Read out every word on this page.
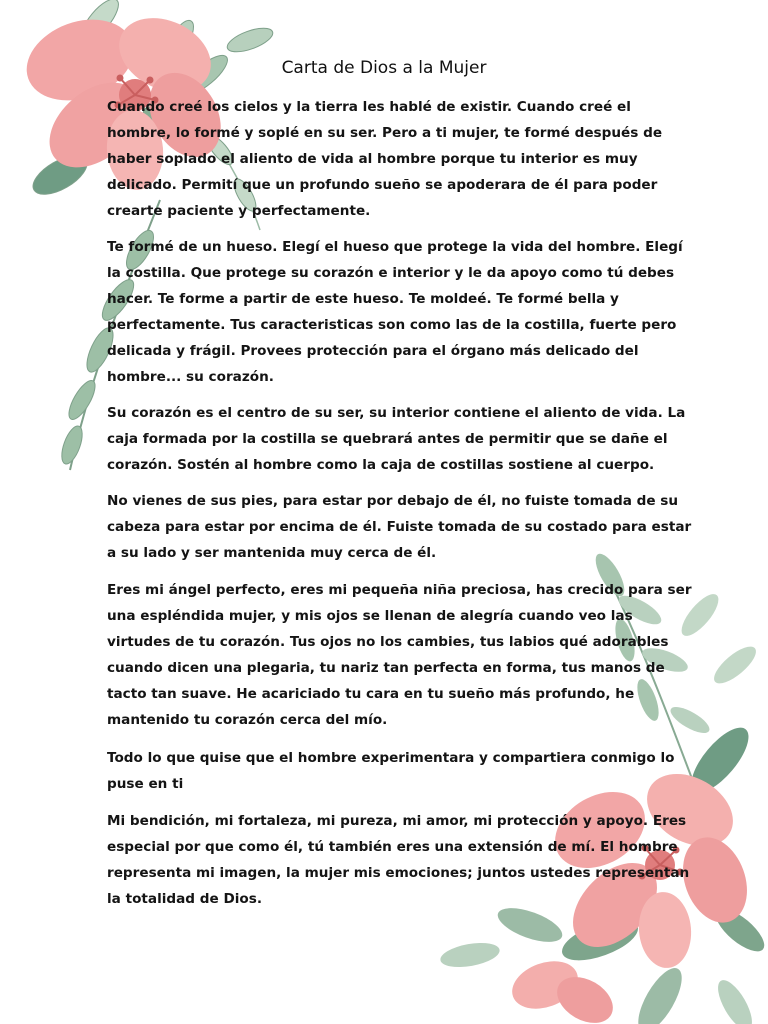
Carta de Dios a la Mujer

Cuando creé los cielos y la tierra les hablé de existir. Cuando creé el
hombre, lo formé y soplé en su ser. Pero a ti mujer, te formé después de
haber soplado el aliento de vida al hombre porque tu interior es muy
delicado. Permití que un profundo sueño se apoderara de él para poder
crearte paciente y perfectamente.

Te formé de un hueso. Elegí el hueso que protege la vida del hombre. Elegí
la costilla. Que protege su corazón e interior y le da apoyo como tú debes
hacer. Te forme a partir de este hueso. Te moldeé. Te formé bella y
perfectamente. Tus caracteristicas son como las de la costilla, fuerte pero
delicada y frágil. Provees protección para el órgano más delicado del
hombre... su corazón.

Su corazón es el centro de su ser, su interior contiene el aliento de vida. La
caja formada por la costilla se quebrará antes de permitir que se dañe el
corazón. Sostén al hombre como la caja de costillas sostiene al cuerpo.

No vienes de sus pies, para estar por debajo de él, no fuiste tomada de su
cabeza para estar por encima de él. Fuiste tomada de su costado para estar
a su lado y ser mantenida muy cerca de él.

Eres mi ángel perfecto, eres mi pequeña niña preciosa, has crecido para ser
una espléndida mujer, y mis ojos se llenan de alegría cuando veo las
virtudes de tu corazón. Tus ojos no los cambies, tus labios qué adorables
cuando dicen una plegaria, tu nariz tan perfecta en forma, tus manos de
tacto tan suave. He acariciado tu cara en tu sueño más profundo, he
mantenido tu corazón cerca del mío.

Todo lo que quise que el hombre experimentara y compartiera conmigo lo
puse en ti

Mi bendición, mi fortaleza, mi pureza, mi amor, mi protección y apoyo. Eres
especial por que como él, tú también eres una extensión de mí. El hombre
representa mi imagen, la mujer mis emociones; juntos ustedes representan
la totalidad de Dios.
